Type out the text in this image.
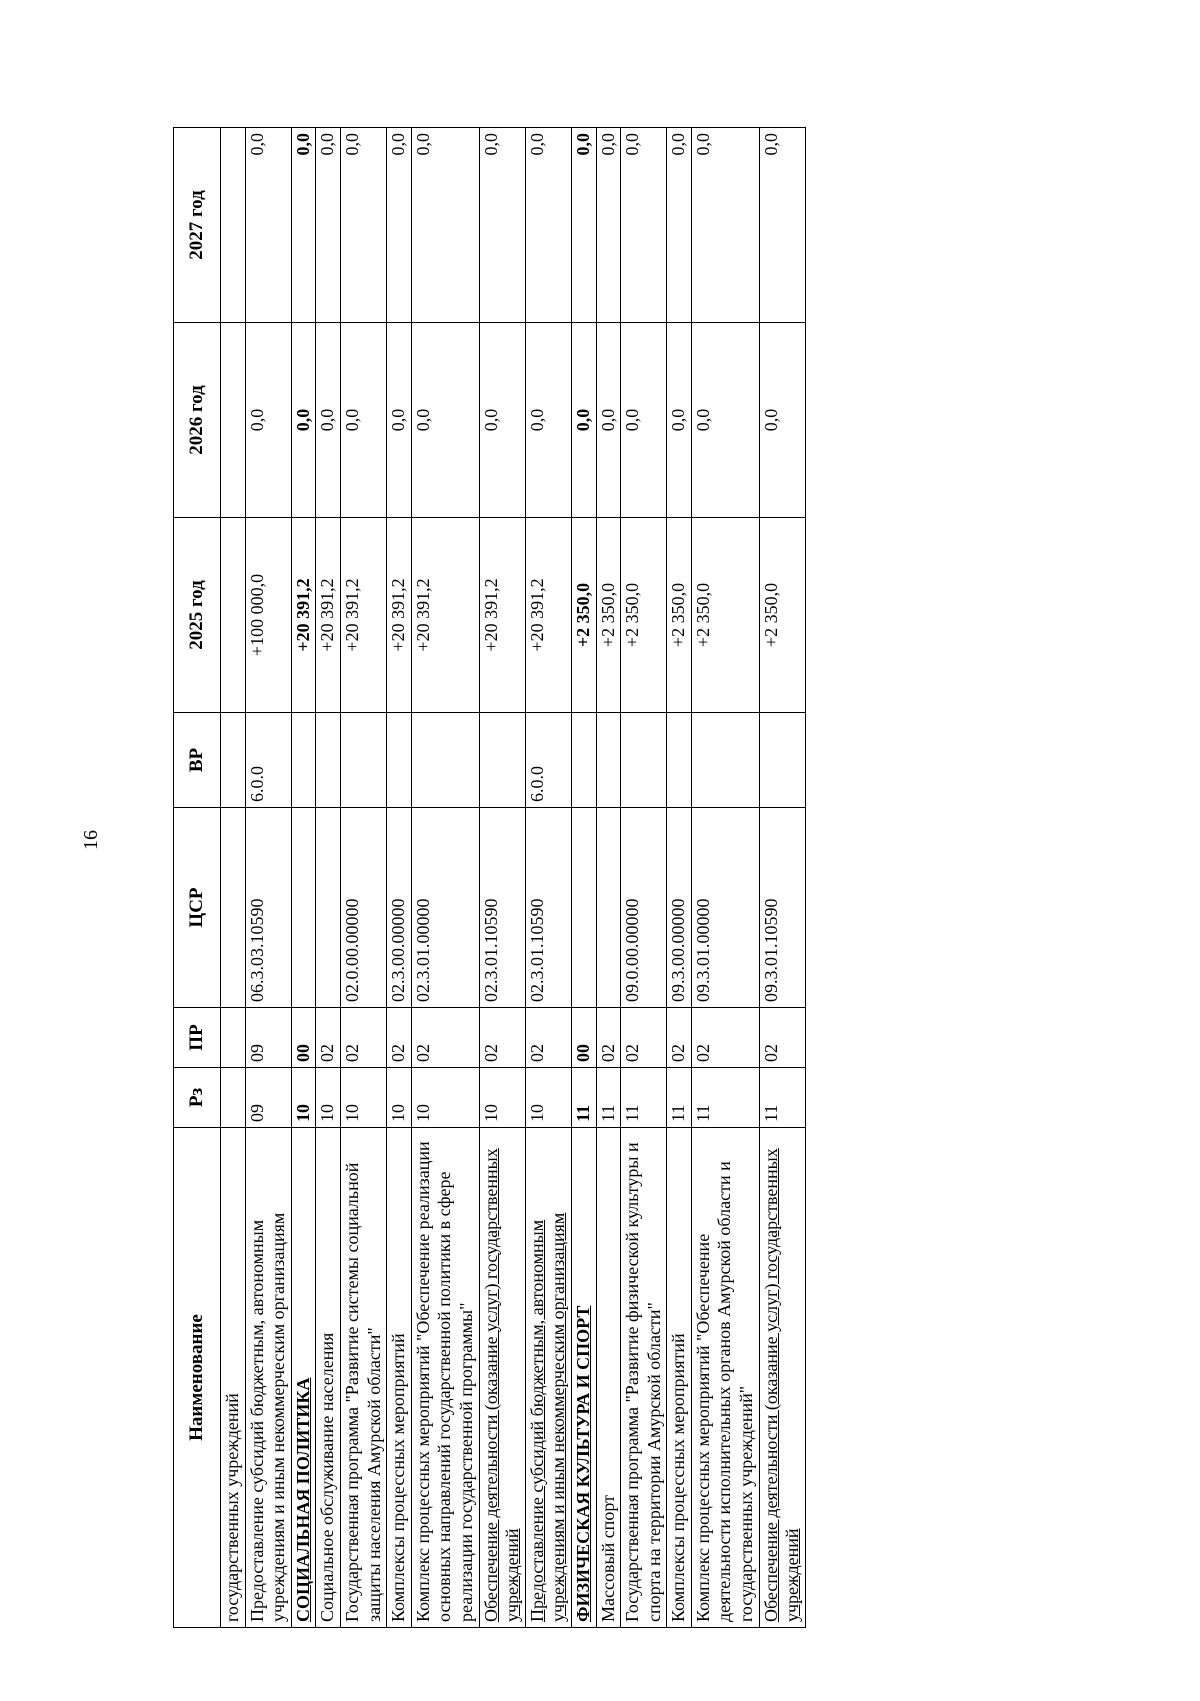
16
Наименование	Рз	ПР	ЦСР	ВР	2025 год	2026 год	2027 год
государственных учреждений							
Предоставление субсидий бюджетным, автономным учреждениям и иным некоммерческим организациям	09	09	06.3.03.10590	6.0.0	+100 000,0	0,0	0,0
СОЦИАЛЬНАЯ ПОЛИТИКА	10	00			+20 391,2	0,0	0,0
Социальное обслуживание населения	10	02			+20 391,2	0,0	0,0
Государственная программа "Развитие системы социальной защиты населения Амурской области"	10	02	02.0.00.00000		+20 391,2	0,0	0,0
Комплексы процессных мероприятий	10	02	02.3.00.00000		+20 391,2	0,0	0,0
Комплекс процессных мероприятий "Обеспечение реализации основных направлений государственной политики в сфере реализации государственной программы"	10	02	02.3.01.00000		+20 391,2	0,0	0,0
Обеспечение деятельности (оказание услуг) государственных учреждений	10	02	02.3.01.10590		+20 391,2	0,0	0,0
Предоставление субсидий бюджетным, автономным учреждениям и иным некоммерческим организациям	10	02	02.3.01.10590	6.0.0	+20 391,2	0,0	0,0
ФИЗИЧЕСКАЯ КУЛЬТУРА И СПОРТ	11	00			+2 350,0	0,0	0,0
Массовый спорт	11	02			+2 350,0	0,0	0,0
Государственная программа "Развитие физической культуры и спорта на территории Амурской области"	11	02	09.0.00.00000		+2 350,0	0,0	0,0
Комплексы процессных мероприятий	11	02	09.3.00.00000		+2 350,0	0,0	0,0
Комплекс процессных мероприятий "Обеспечение деятельности исполнительных органов Амурской области и государственных учреждений"	11	02	09.3.01.00000		+2 350,0	0,0	0,0
Обеспечение деятельности (оказание услуг) государственных учреждений	11	02	09.3.01.10590		+2 350,0	0,0	0,0
